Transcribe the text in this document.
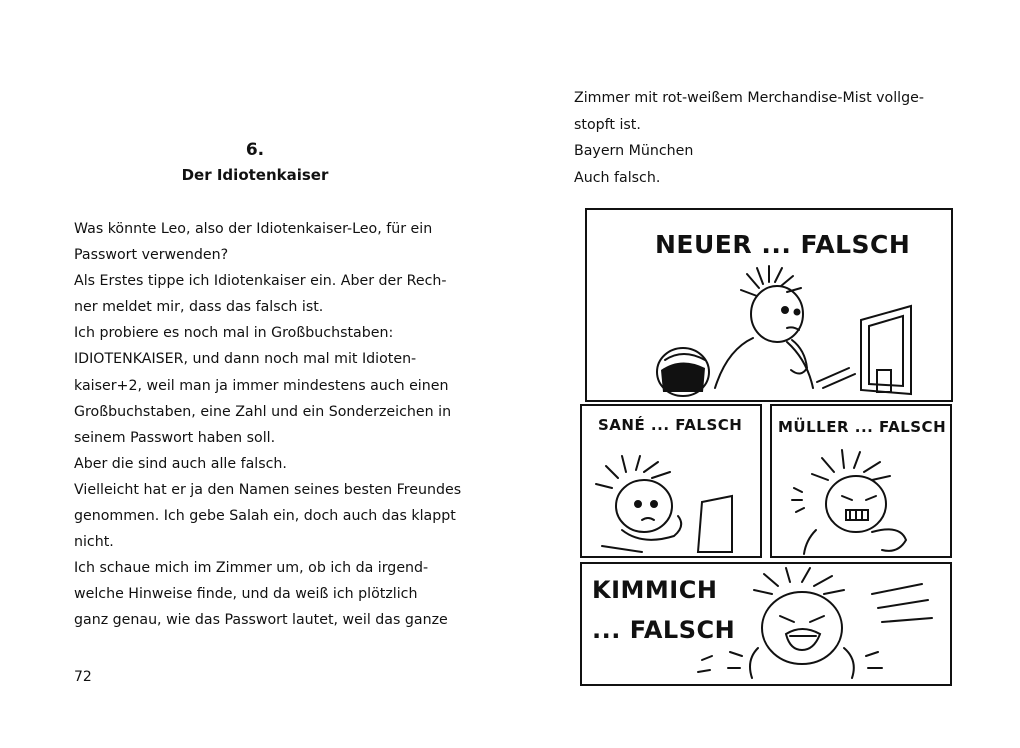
6.
Der Idiotenkaiser

Was könnte Leo, also der Idiotenkaiser-Leo, für ein

Passwort verwenden?

Als Erstes tippe ich Idiotenkaiser ein. Aber der Rech-

ner meldet mir, dass das falsch ist.

Ich probiere es noch mal in Großbuchstaben:

IDIOTENKAISER, und dann noch mal mit Idioten-

kaiser+2, weil man ja immer mindestens auch einen

Großbuchstaben, eine Zahl und ein Sonderzeichen in

seinem Passwort haben soll.

Aber die sind auch alle falsch.

Vielleicht hat er ja den Namen seines besten Freundes

genommen. Ich gebe Salah ein, doch auch das klappt

nicht.

Ich schaue mich im Zimmer um, ob ich da irgend-

welche Hinweise finde, und da weiß ich plötzlich

ganz genau, wie das Passwort lautet, weil das ganze

72

Zimmer mit rot-weißem Merchandise-Mist vollge-

stopft ist.

Bayern München

Auch falsch.

NEUER ... FALSCH
SANÉ ... FALSCH MÜLLER ... FALSCH
KIMMICH
... FALSCH
